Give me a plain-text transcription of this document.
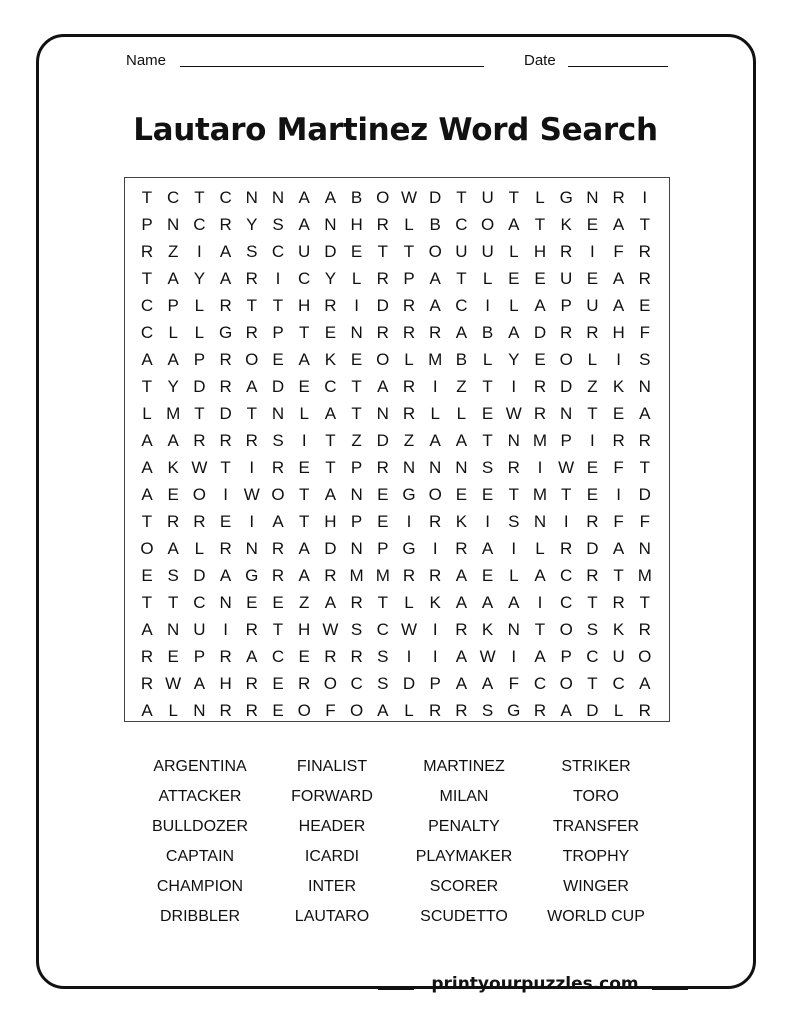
Name	Date
Lautaro Martinez Word Search
T C T C N N A A B O W D T U T L G N R	I
P N C R Y S A N H R L B C O A T K E A T
R Z	I	A S C U D E T T O U U L H R	I	F R
T A Y A R	I	C Y L R P A T L E E U E A R
C P L R T T H R	I	D R A C	I	L A P U A E
C L L G R P T E N R R R A B A D R R H F
A A P R O E A K E O L M B L Y E O L	I	S
T Y D R A D E C T A R	I	Z T	I	R D Z K N
L M T D T N L A T N R L L E W R N T E A
A A R R R S	I	T Z D Z A A T N M P	I	R R
A K W T	I	R E T P R N N N S R	I W E F T
A E O	I W O T A N E G O E E T M T E	I	D
T R R E	I	A T H P E	I	R K	I	S N	I	R F F
O A L R N R A D N P G	I	R A	I	L R D A N
E S D A G R A R M M R R A E L A C R T M
T T C N E E Z A R T L K A A A	I	C T R T
A N U	I	R T H W S C W I	R K N T O S K R
R E P R A C E R R S	I	I	A W I	A P C U O
R W A H R E R O C S D P A A F C O T C A
A L N R R E O F O A L R R S G R A D L R
ARGENTINA
ATTACKER
BULLDOZER
CAPTAIN
CHAMPION
DRIBBLER
FINALIST
FORWARD
HEADER
ICARDI
INTER
LAUTARO
MARTINEZ
MILAN
PENALTY
PLAYMAKER
SCORER
SCUDETTO
STRIKER
TORO
TRANSFER
TROPHY
WINGER
WORLD CUP
printyourpuzzles.com
